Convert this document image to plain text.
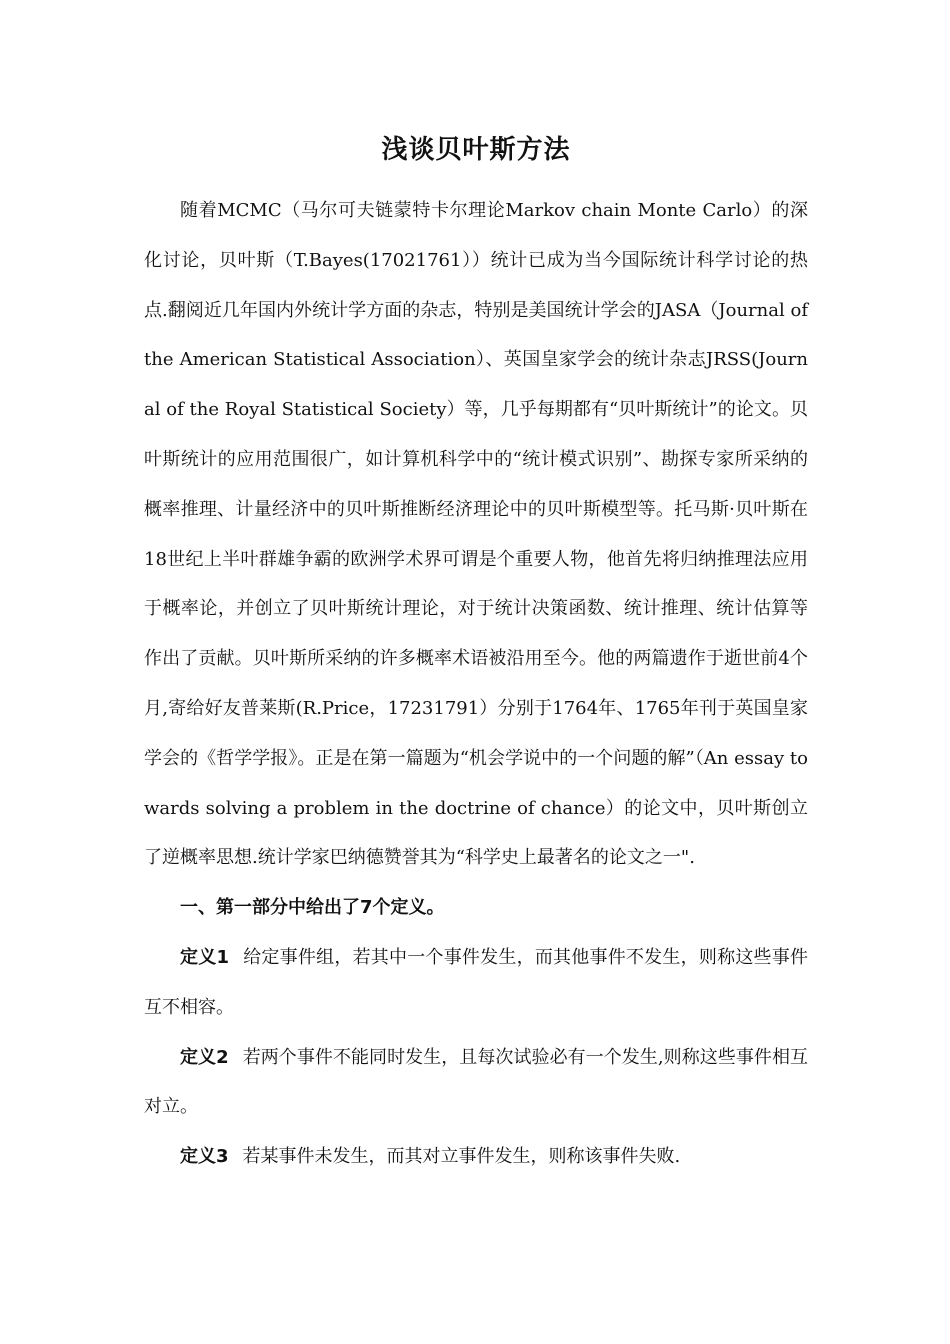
浅谈贝叶斯方法

随着MCMC（马尔可夫链蒙特卡尔理论Markov chain Monte Carlo）的深化讨论，贝叶斯（T.Bayes(17021761））统计已成为当今国际统计科学讨论的热点.翻阅近几年国内外统计学方面的杂志，特别是美国统计学会的JASA（Journal of the American Statistical Association）、英国皇家学会的统计杂志JRSS(Journal of the Royal Statistical Society）等，几乎每期都有“贝叶斯统计”的论文。贝叶斯统计的应用范围很广，如计算机科学中的“统计模式识别”、勘探专家所采纳的概率推理、计量经济中的贝叶斯推断经济理论中的贝叶斯模型等。托马斯·贝叶斯在18世纪上半叶群雄争霸的欧洲学术界可谓是个重要人物，他首先将归纳推理法应用于概率论，并创立了贝叶斯统计理论，对于统计决策函数、统计推理、统计估算等作出了贡献。贝叶斯所采纳的许多概率术语被沿用至今。他的两篇遗作于逝世前4个月,寄给好友普莱斯(R.Price，17231791）分别于1764年、1765年刊于英国皇家学会的《哲学学报》。正是在第一篇题为“机会学说中的一个问题的解”（An essay towards solving a problem in the doctrine of chance）的论文中，贝叶斯创立了逆概率思想.统计学家巴纳德赞誉其为“科学史上最著名的论文之一".

一、第一部分中给出了7个定义。

定义1 给定事件组，若其中一个事件发生，而其他事件不发生，则称这些事件互不相容。

定义2 若两个事件不能同时发生，且每次试验必有一个发生,则称这些事件相互对立。

定义3 若某事件未发生，而其对立事件发生，则称该事件失败.
